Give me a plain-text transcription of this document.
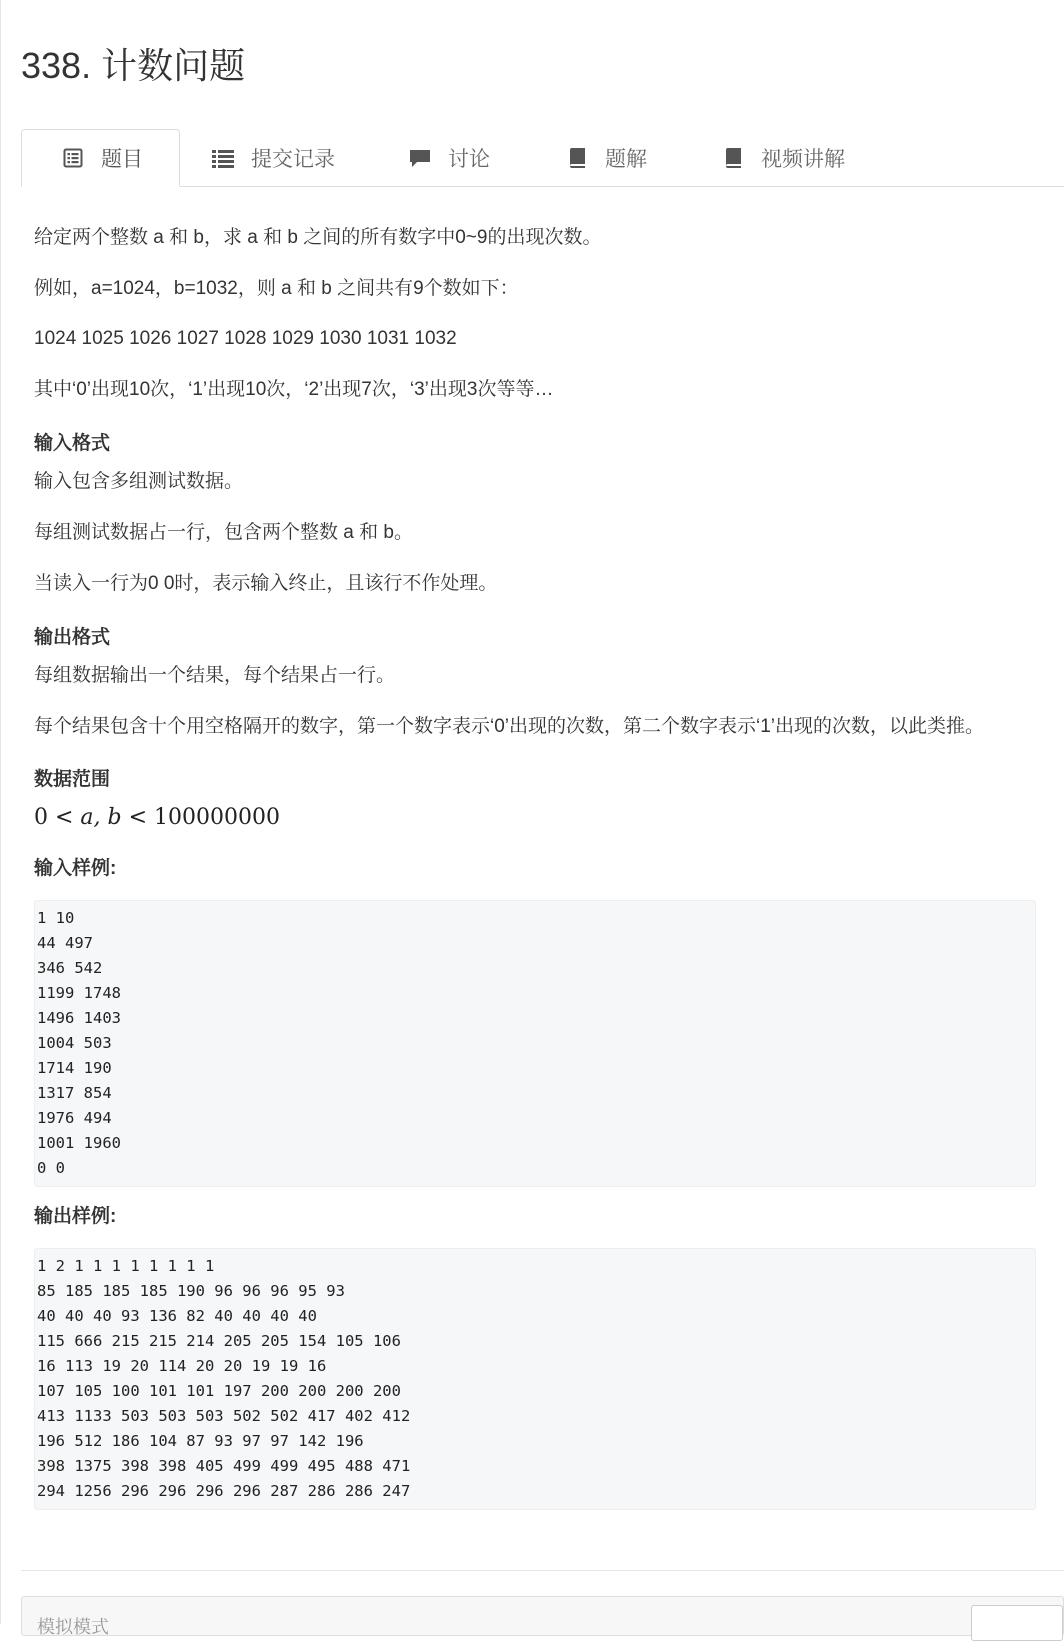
338. 计数问题
题目	提交记录	讨论	题解	视频讲解
给定两个整数 a 和 b，求 a 和 b 之间的所有数字中0~9的出现次数。
例如，a=1024，b=1032，则 a 和 b 之间共有9个数如下：
1024 1025 1026 1027 1028 1029 1030 1031 1032
其中‘0’出现10次，‘1’出现10次，‘2’出现7次，‘3’出现3次等等…
输入格式
输入包含多组测试数据。
每组测试数据占一行，包含两个整数 a 和 b。
当读入一行为0 0时，表示输入终止，且该行不作处理。
输出格式
每组数据输出一个结果，每个结果占一行。
每个结果包含十个用空格隔开的数字，第一个数字表示‘0’出现的次数，第二个数字表示‘1’出现的次数，以此类推。
数据范围
0 < a, b < 100000000
输入样例:
1 10
44 497
346 542
1199 1748
1496 1403
1004 503
1714 190
1317 854
1976 494
1001 1960
0 0
输出样例:
1 2 1 1 1 1 1 1 1 1
85 185 185 185 190 96 96 96 95 93
40 40 40 93 136 82 40 40 40 40
115 666 215 215 214 205 205 154 105 106
16 113 19 20 114 20 20 19 19 16
107 105 100 101 101 197 200 200 200 200
413 1133 503 503 503 502 502 417 402 412
196 512 186 104 87 93 97 97 142 196
398 1375 398 398 405 499 499 495 488 471
294 1256 296 296 296 296 287 286 286 247
模拟模式
